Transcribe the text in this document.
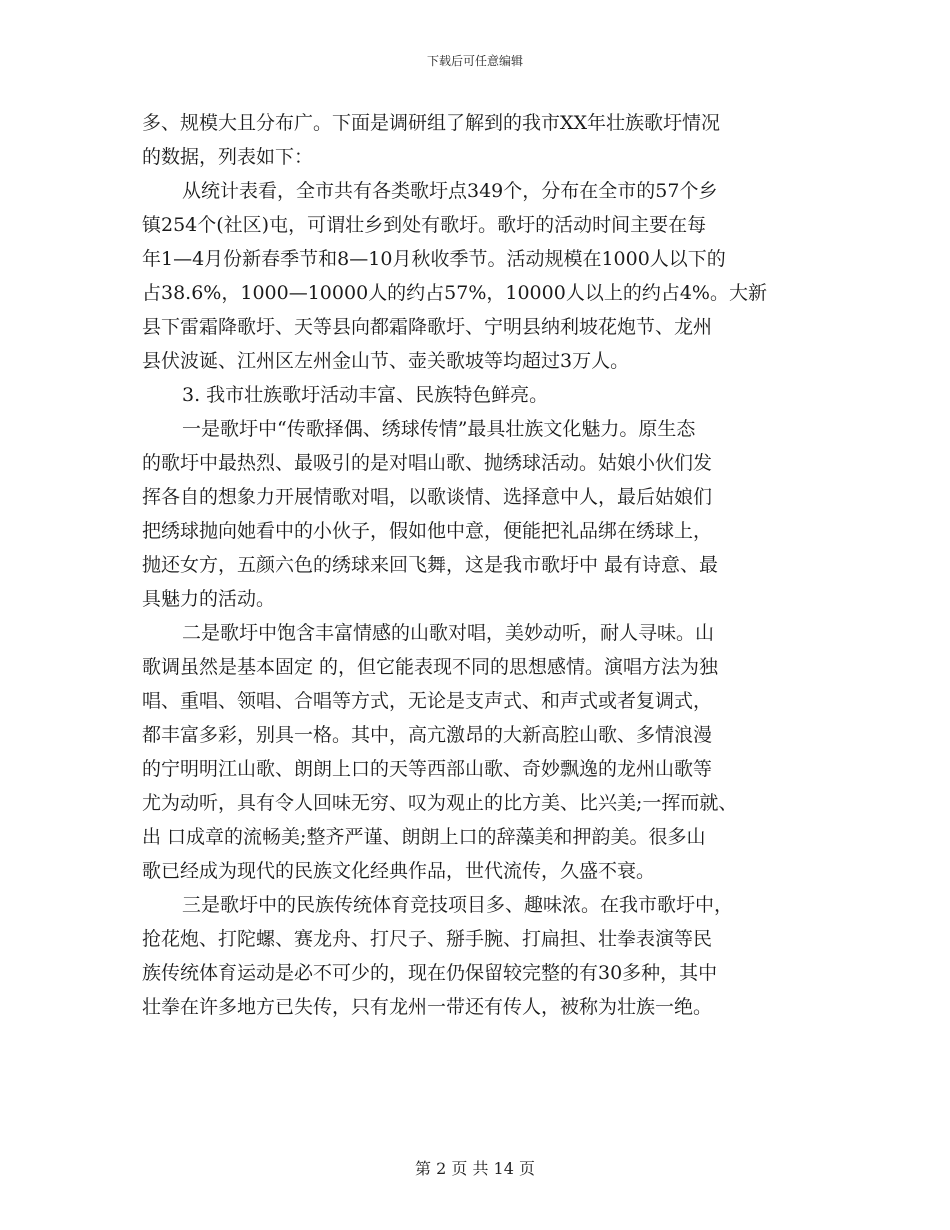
下载后可任意编辑
多、规模大且分布广。下面是调研组了解到的我市XX年壮族歌圩情况
的数据，列表如下：
从统计表看，全市共有各类歌圩点349个，分布在全市的57个乡
镇254个(社区)屯，可谓壮乡到处有歌圩。歌圩的活动时间主要在每
年1—4月份新春季节和8—10月秋收季节。活动规模在1000人以下的
占38.6%，1000—10000人的约占57%，10000人以上的约占4%。大新
县下雷霜降歌圩、天等县向都霜降歌圩、宁明县纳利坡花炮节、龙州
县伏波诞、江州区左州金山节、壶关歌坡等均超过3万人。
3. 我市壮族歌圩活动丰富、民族特色鲜亮。
一是歌圩中“传歌择偶、绣球传情”最具壮族文化魅力。原生态
的歌圩中最热烈、最吸引的是对唱山歌、抛绣球活动。姑娘小伙们发
挥各自的想象力开展情歌对唱，以歌谈情、选择意中人，最后姑娘们
把绣球抛向她看中的小伙子，假如他中意，便能把礼品绑在绣球上，
抛还女方，五颜六色的绣球来回飞舞，这是我市歌圩中 最有诗意、最
具魅力的活动。
二是歌圩中饱含丰富情感的山歌对唱，美妙动听，耐人寻味。山
歌调虽然是基本固定 的，但它能表现不同的思想感情。演唱方法为独
唱、重唱、领唱、合唱等方式，无论是支声式、和声式或者复调式，
都丰富多彩，别具一格。其中，高亢激昂的大新高腔山歌、多情浪漫
的宁明明江山歌、朗朗上口的天等西部山歌、奇妙飘逸的龙州山歌等
尤为动听，具有令人回味无穷、叹为观止的比方美、比兴美;一挥而就、
出 口成章的流畅美;整齐严谨、朗朗上口的辞藻美和押韵美。很多山
歌已经成为现代的民族文化经典作品，世代流传，久盛不衰。
三是歌圩中的民族传统体育竞技项目多、趣味浓。在我市歌圩中，
抢花炮、打陀螺、赛龙舟、打尺子、掰手腕、打扁担、壮拳表演等民
族传统体育运动是必不可少的，现在仍保留较完整的有30多种，其中
壮拳在许多地方已失传，只有龙州一带还有传人，被称为壮族一绝。
第 2 页 共 14 页
